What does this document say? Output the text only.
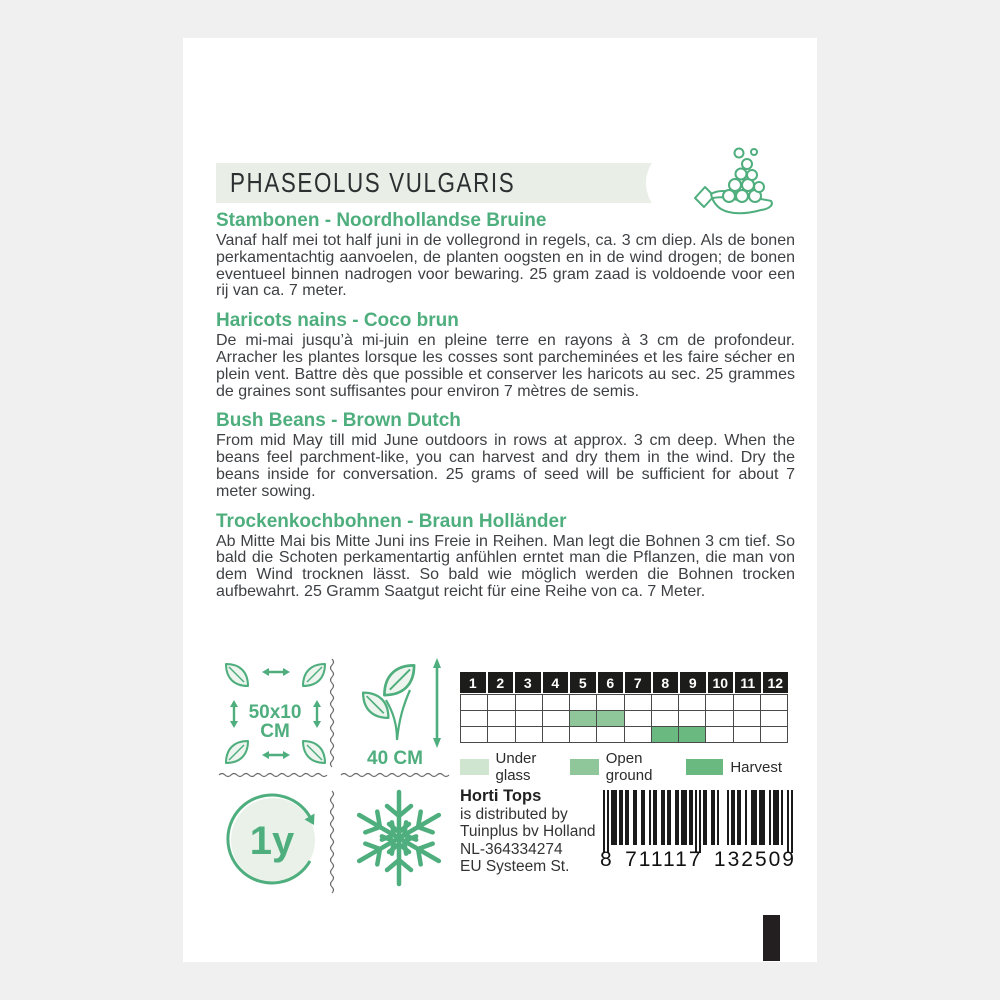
PHASEOLUS VULGARIS
Stambonen - Noordhollandse Bruine

Vanaf half mei tot half juni in de vollegrond in regels, ca. 3 cm diep. Als de bonen perkamentachtig aanvoelen, de planten oogsten en in de wind drogen; de bonen eventueel binnen nadrogen voor bewaring. 25 gram zaad is voldoende voor een rij van ca. 7 meter.

Haricots nains - Coco brun

De mi-mai jusqu’à mi-juin en pleine terre en rayons à 3 cm de profondeur. Arracher les plantes lorsque les cosses sont parcheminées et les faire sécher en plein vent. Battre dès que possible et conserver les haricots au sec. 25 grammes de graines sont suffisantes pour environ 7 mètres de semis.

Bush Beans - Brown Dutch

From mid May till mid June outdoors in rows at approx. 3 cm deep. When the beans feel parchment-like, you can harvest and dry them in the wind. Dry the beans inside for conversation. 25 grams of seed will be sufficient for about 7 meter sowing.

Trockenkochbohnen - Braun Holländer

Ab Mitte Mai bis Mitte Juni ins Freie in Reihen. Man legt die Bohnen 3 cm tief. So bald die Schoten perkamentartig anfühlen erntet man die Pflanzen, die man von dem Wind trocknen lässt. So bald wie möglich werden die Bohnen trocken aufbewahrt. 25 Gramm Saatgut reicht für eine Reihe von ca. 7 Meter.

50x10
CM
40 CM
1y
1	2	3	4	5	6	7	8	9	10 11 12
Under glass
Open ground	Harvest
Horti Tops
is distributed by
Tuinplus bv Holland
NL-364334274
EU Systeem St.	8 711117 132509
